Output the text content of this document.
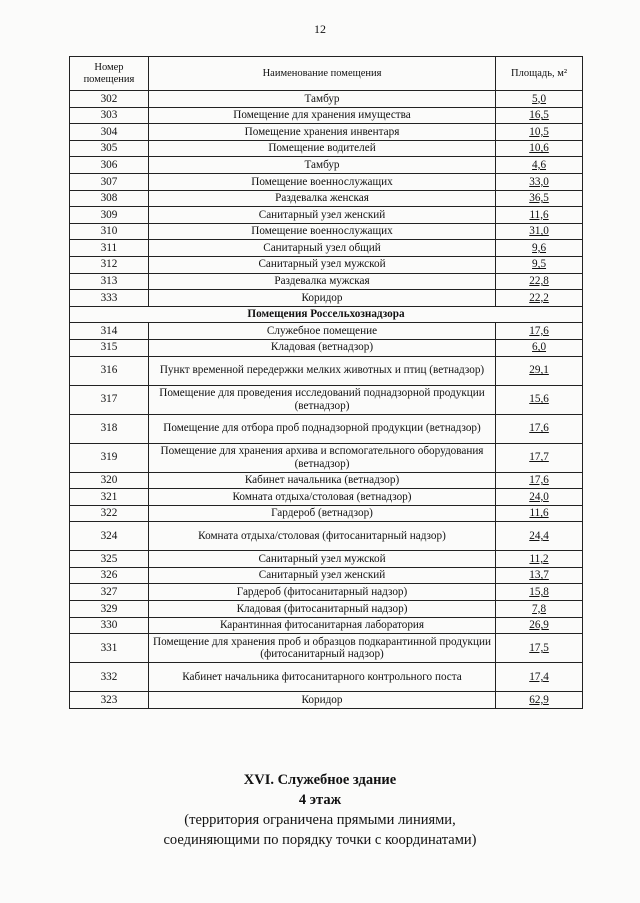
12
Номер помещения	Наименование помещения	Площадь, м²
302	Тамбур	5,0
303	Помещение для хранения имущества	16,5
304	Помещение хранения инвентаря	10,5
305	Помещение водителей	10,6
306	Тамбур	4,6
307	Помещение военнослужащих	33,0
308	Раздевалка женская	36,5
309	Санитарный узел женский	11,6
310	Помещение военнослужащих	31,0
311	Санитарный узел общий	9,6
312	Санитарный узел мужской	9,5
313	Раздевалка мужская	22,8
333	Коридор	22,2
Помещения Россельхознадзора		
314	Служебное помещение	17,6
315	Кладовая (ветнадзор)	6,0
316	Пункт временной передержки мелких животных и птиц (ветнадзор)	29,1
317	Помещение для проведения исследований поднадзорной продукции (ветнадзор)	15,6
318	Помещение для отбора проб поднадзорной продукции (ветнадзор)	17,6
319	Помещение для хранения архива и вспомогательного оборудования (ветнадзор)	17,7
320	Кабинет начальника (ветнадзор)	17,6
321	Комната отдыха/столовая (ветнадзор)	24,0
322	Гардероб (ветнадзор)	11,6
324	Комната отдыха/столовая (фитосанитарный надзор)	24,4
325	Санитарный узел мужской	11,2
326	Санитарный узел женский	13,7
327	Гардероб (фитосанитарный надзор)	15,8
329	Кладовая (фитосанитарный надзор)	7,8
330	Карантинная фитосанитарная лаборатория	26,9
331	Помещение для хранения проб и образцов подкарантинной продукции (фитосанитарный надзор)	17,5
332	Кабинет начальника фитосанитарного контрольного поста	17,4
323	Коридор	62,9
XVI. Служебное здание
4 этаж
(территория ограничена прямыми линиями,
соединяющими по порядку точки с координатами)
